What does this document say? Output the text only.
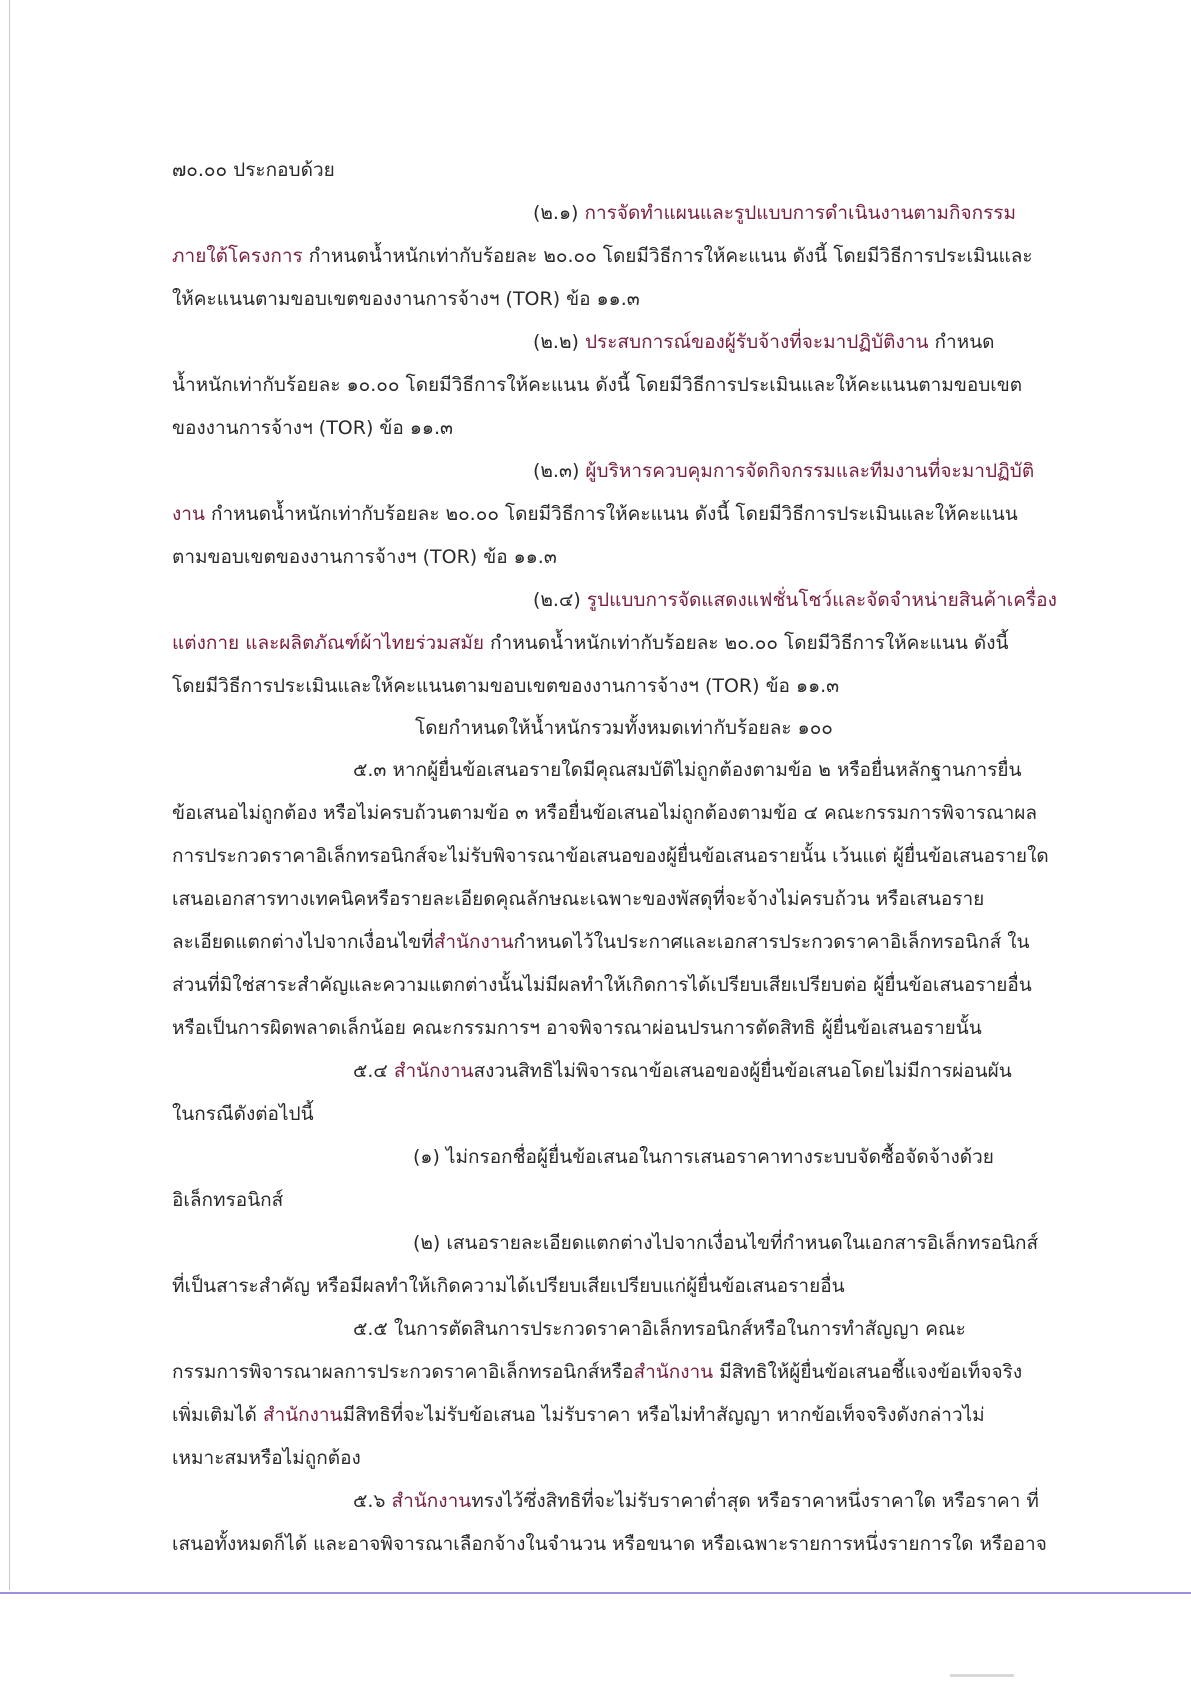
๗๐.๐๐ ประกอบด้วย
(๒.๑) การจัดทำแผนและรูปแบบการดำเนินงานตามกิจกรรม
ภายใต้โครงการ กำหนดน้ำหนักเท่ากับร้อยละ ๒๐.๐๐ โดยมีวิธีการให้คะแนน ดังนี้ โดยมีวิธีการประเมินและ
ให้คะแนนตามขอบเขตของงานการจ้างฯ (TOR) ข้อ ๑๑.๓
(๒.๒) ประสบการณ์ของผู้รับจ้างที่จะมาปฏิบัติงาน กำหนด
น้ำหนักเท่ากับร้อยละ ๑๐.๐๐ โดยมีวิธีการให้คะแนน ดังนี้ โดยมีวิธีการประเมินและให้คะแนนตามขอบเขต
ของงานการจ้างฯ (TOR) ข้อ ๑๑.๓
(๒.๓) ผู้บริหารควบคุมการจัดกิจกรรมและทีมงานที่จะมาปฏิบัติ
งาน กำหนดน้ำหนักเท่ากับร้อยละ ๒๐.๐๐ โดยมีวิธีการให้คะแนน ดังนี้ โดยมีวิธีการประเมินและให้คะแนน
ตามขอบเขตของงานการจ้างฯ (TOR) ข้อ ๑๑.๓
(๒.๔) รูปแบบการจัดแสดงแฟชั่นโชว์และจัดจำหน่ายสินค้าเครื่อง
แต่งกาย และผลิตภัณฑ์ผ้าไทยร่วมสมัย กำหนดน้ำหนักเท่ากับร้อยละ ๒๐.๐๐ โดยมีวิธีการให้คะแนน ดังนี้
โดยมีวิธีการประเมินและให้คะแนนตามขอบเขตของงานการจ้างฯ (TOR) ข้อ ๑๑.๓
โดยกำหนดให้น้ำหนักรวมทั้งหมดเท่ากับร้อยละ ๑๐๐
๕.๓ หากผู้ยื่นข้อเสนอรายใดมีคุณสมบัติไม่ถูกต้องตามข้อ ๒ หรือยื่นหลักฐานการยื่น
ข้อเสนอไม่ถูกต้อง หรือไม่ครบถ้วนตามข้อ ๓ หรือยื่นข้อเสนอไม่ถูกต้องตามข้อ ๔ คณะกรรมการพิจารณาผล
การประกวดราคาอิเล็กทรอนิกส์จะไม่รับพิจารณาข้อเสนอของผู้ยื่นข้อเสนอรายนั้น เว้นแต่ ผู้ยื่นข้อเสนอรายใด
เสนอเอกสารทางเทคนิคหรือรายละเอียดคุณลักษณะเฉพาะของพัสดุที่จะจ้างไม่ครบถ้วน หรือเสนอราย
ละเอียดแตกต่างไปจากเงื่อนไขที่สำนักงานกำหนดไว้ในประกาศและเอกสารประกวดราคาอิเล็กทรอนิกส์ ใน
ส่วนที่มิใช่สาระสำคัญและความแตกต่างนั้นไม่มีผลทำให้เกิดการได้เปรียบเสียเปรียบต่อ ผู้ยื่นข้อเสนอรายอื่น
หรือเป็นการผิดพลาดเล็กน้อย คณะกรรมการฯ อาจพิจารณาผ่อนปรนการตัดสิทธิ ผู้ยื่นข้อเสนอรายนั้น
๕.๔ สำนักงานสงวนสิทธิไม่พิจารณาข้อเสนอของผู้ยื่นข้อเสนอโดยไม่มีการผ่อนผัน
ในกรณีดังต่อไปนี้
(๑) ไม่กรอกชื่อผู้ยื่นข้อเสนอในการเสนอราคาทางระบบจัดซื้อจัดจ้างด้วย
อิเล็กทรอนิกส์
(๒) เสนอรายละเอียดแตกต่างไปจากเงื่อนไขที่กำหนดในเอกสารอิเล็กทรอนิกส์
ที่เป็นสาระสำคัญ หรือมีผลทำให้เกิดความได้เปรียบเสียเปรียบแก่ผู้ยื่นข้อเสนอรายอื่น
๕.๕ ในการตัดสินการประกวดราคาอิเล็กทรอนิกส์หรือในการทำสัญญา คณะ
กรรมการพิจารณาผลการประกวดราคาอิเล็กทรอนิกส์หรือสำนักงาน มีสิทธิให้ผู้ยื่นข้อเสนอชี้แจงข้อเท็จจริง
เพิ่มเติมได้ สำนักงานมีสิทธิที่จะไม่รับข้อเสนอ ไม่รับราคา หรือไม่ทำสัญญา หากข้อเท็จจริงดังกล่าวไม่
เหมาะสมหรือไม่ถูกต้อง
๕.๖ สำนักงานทรงไว้ซึ่งสิทธิที่จะไม่รับราคาต่ำสุด หรือราคาหนึ่งราคาใด หรือราคา ที่
เสนอทั้งหมดก็ได้ และอาจพิจารณาเลือกจ้างในจำนวน หรือขนาด หรือเฉพาะรายการหนึ่งรายการใด หรืออาจ
